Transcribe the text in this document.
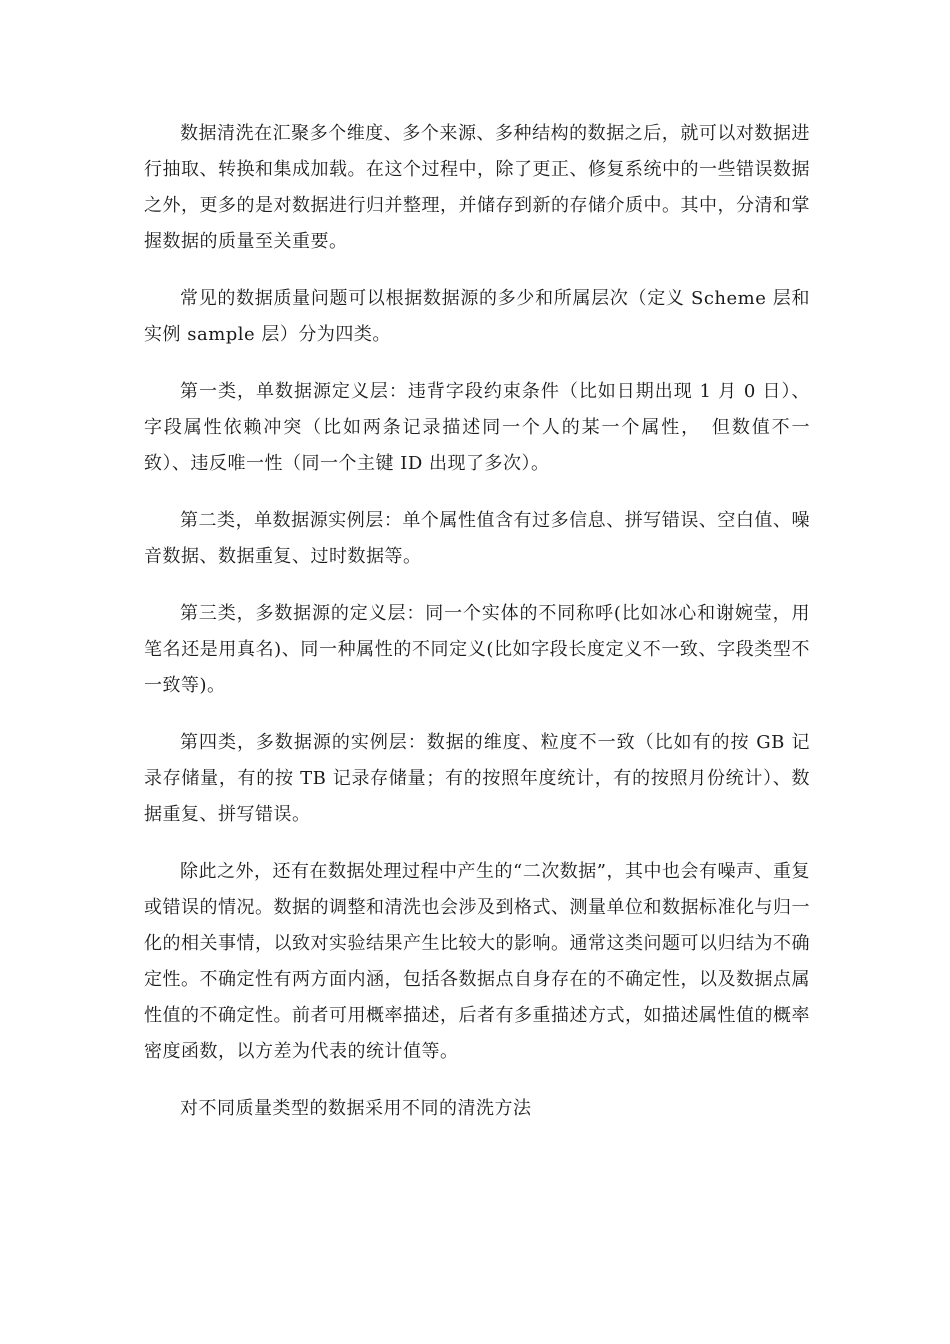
数据清洗在汇聚多个维度、多个来源、多种结构的数据之后，就可以对数据进行抽取、转换和集成加载。在这个过程中，除了更正、修复系统中的一些错误数据之外，更多的是对数据进行归并整理，并储存到新的存储介质中。其中，分清和掌握数据的质量至关重要。

常见的数据质量问题可以根据数据源的多少和所属层次（定义 Scheme 层和实例 sample 层）分为四类。

第一类，单数据源定义层：违背字段约束条件（比如日期出现 1 月 0 日）、字段属性依赖冲突（比如两条记录描述同一个人的某一个属性，　但数值不一致）、违反唯一性（同一个主键 ID 出现了多次）。

第二类，单数据源实例层：单个属性值含有过多信息、拼写错误、空白值、噪音数据、数据重复、过时数据等。

第三类，多数据源的定义层：同一个实体的不同称呼(比如冰心和谢婉莹，用笔名还是用真名)、同一种属性的不同定义(比如字段长度定义不一致、字段类型不一致等)。

第四类，多数据源的实例层：数据的维度、粒度不一致（比如有的按 GB 记录存储量，有的按 TB 记录存储量；有的按照年度统计，有的按照月份统计）、数据重复、拼写错误。

除此之外，还有在数据处理过程中产生的“二次数据”，其中也会有噪声、重复或错误的情况。数据的调整和清洗也会涉及到格式、测量单位和数据标准化与归一化的相关事情，以致对实验结果产生比较大的影响。通常这类问题可以归结为不确定性。不确定性有两方面内涵，包括各数据点自身存在的不确定性，以及数据点属性值的不确定性。前者可用概率描述，后者有多重描述方式，如描述属性值的概率密度函数，以方差为代表的统计值等。

对不同质量类型的数据采用不同的清洗方法
